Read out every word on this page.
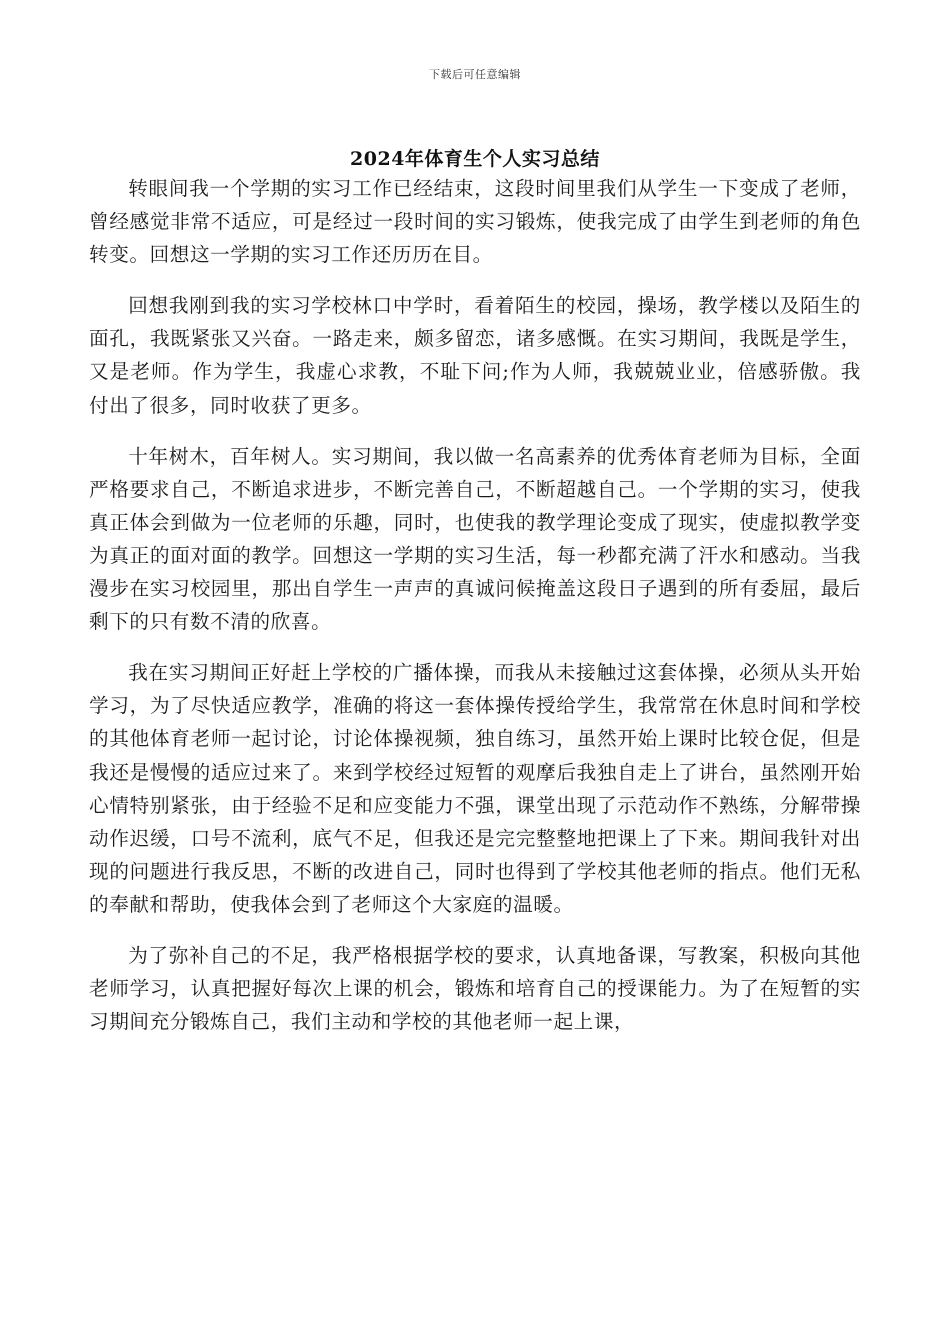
下载后可任意编辑
2024年体育生个人实习总结

转眼间我一个学期的实习工作已经结束，这段时间里我们从学生一下变成了老师，曾经感觉非常不适应，可是经过一段时间的实习锻炼，使我完成了由学生到老师的角色转变。回想这一学期的实习工作还历历在目。

回想我刚到我的实习学校林口中学时，看着陌生的校园，操场，教学楼以及陌生的面孔，我既紧张又兴奋。一路走来，颇多留恋，诸多感慨。在实习期间，我既是学生，又是老师。作为学生，我虚心求教，不耻下问;作为人师，我兢兢业业，倍感骄傲。我付出了很多，同时收获了更多。

十年树木，百年树人。实习期间，我以做一名高素养的优秀体育老师为目标，全面严格要求自己，不断追求进步，不断完善自己，不断超越自己。一个学期的实习，使我真正体会到做为一位老师的乐趣，同时，也使我的教学理论变成了现实，使虚拟教学变为真正的面对面的教学。回想这一学期的实习生活，每一秒都充满了汗水和感动。当我漫步在实习校园里，那出自学生一声声的真诚问候掩盖这段日子遇到的所有委屈，最后剩下的只有数不清的欣喜。

我在实习期间正好赶上学校的广播体操，而我从未接触过这套体操，必须从头开始学习，为了尽快适应教学，准确的将这一套体操传授给学生，我常常在休息时间和学校的其他体育老师一起讨论，讨论体操视频，独自练习，虽然开始上课时比较仓促，但是我还是慢慢的适应过来了。来到学校经过短暂的观摩后我独自走上了讲台，虽然刚开始心情特别紧张，由于经验不足和应变能力不强，课堂出现了示范动作不熟练，分解带操动作迟缓，口号不流利，底气不足，但我还是完完整整地把课上了下来。期间我针对出现的问题进行我反思，不断的改进自己，同时也得到了学校其他老师的指点。他们无私的奉献和帮助，使我体会到了老师这个大家庭的温暖。

为了弥补自己的不足，我严格根据学校的要求，认真地备课，写教案，积极向其他老师学习，认真把握好每次上课的机会，锻炼和培育自己的授课能力。为了在短暂的实习期间充分锻炼自己，我们主动和学校的其他老师一起上课，
